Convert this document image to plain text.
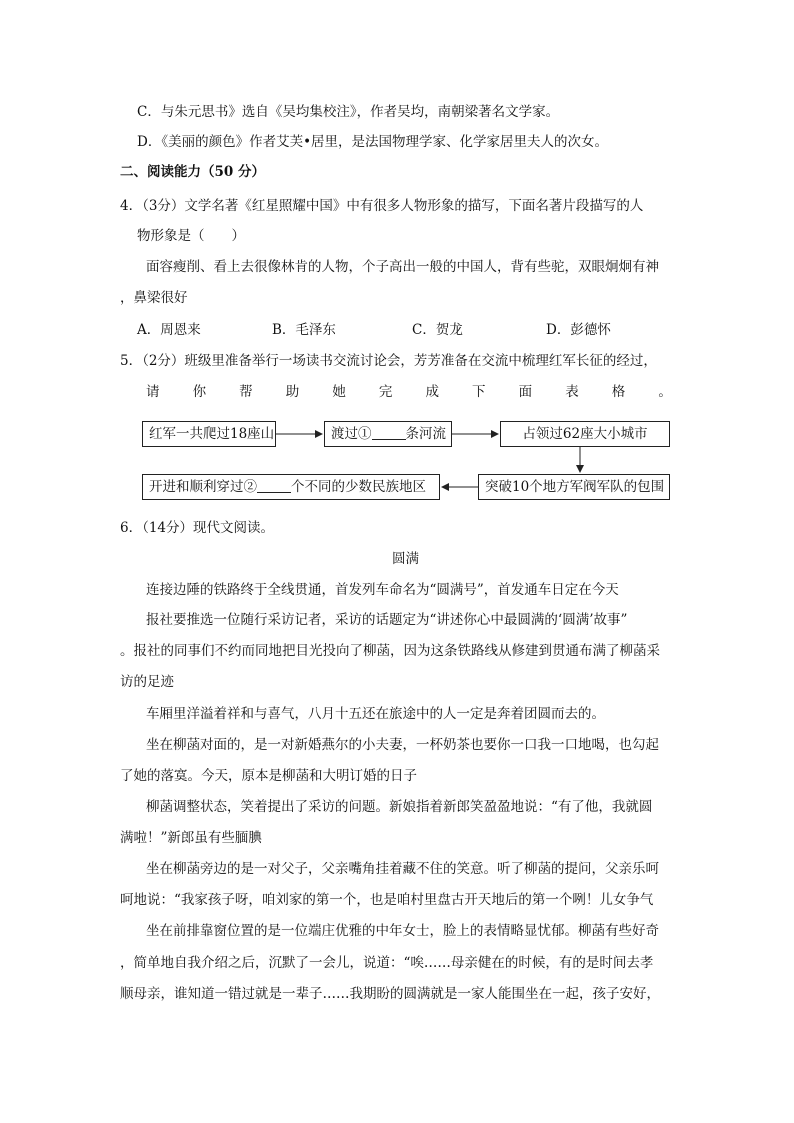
C．与朱元思书》选自《吴均集校注》，作者吴均，南朝梁著名文学家。
D．《美丽的颜色》作者艾芙•居里，是法国物理学家、化学家居里夫人的次女。
二、阅读能力（50 分）
4．（3分）文学名著《红星照耀中国》中有很多人物形象的描写，下面名著片段描写的人
物形象是（　　）
面容瘦削、看上去很像林肯的人物，个子高出一般的中国人，背有些驼，双眼炯炯有神
，鼻梁很好
A．周恩来	B．毛泽东	C．贺龙	D．彭德怀
5．（2分）班级里准备举行一场读书交流讨论会，芳芳准备在交流中梳理红军长征的经过，
请 你 帮 助 她 完 成 下 面 表 格 。
红军一共爬过18座山	渡过①	条河流	占领过62座大小城市
突破10个地方军阀军队的包围
开进和顺利穿过②	个不同的少数民族地区
6．（14分）现代文阅读。
圆满
连接边陲的铁路终于全线贯通，首发列车命名为“圆满号”，首发通车日定在今天
报社要推选一位随行采访记者，采访的话题定为“讲述你心中最圆满的‘圆满’故事”
。报社的同事们不约而同地把目光投向了柳菡，因为这条铁路线从修建到贯通布满了柳菡采
访的足迹
车厢里洋溢着祥和与喜气，八月十五还在旅途中的人一定是奔着团圆而去的。
坐在柳菡对面的，是一对新婚燕尔的小夫妻，一杯奶茶也要你一口我一口地喝，也勾起
了她的落寞。今天，原本是柳菡和大明订婚的日子
柳菡调整状态，笑着提出了采访的问题。新娘指着新郎笑盈盈地说：“有了他，我就圆
满啦！”新郎虽有些腼腆
坐在柳菡旁边的是一对父子，父亲嘴角挂着藏不住的笑意。听了柳菡的提问，父亲乐呵
呵地说：“我家孩子呀，咱刘家的第一个，也是咱村里盘古开天地后的第一个咧！儿女争气
坐在前排靠窗位置的是一位端庄优雅的中年女士，脸上的表情略显忧郁。柳菡有些好奇
，简单地自我介绍之后，沉默了一会儿，说道：“唉……母亲健在的时候，有的是时间去孝
顺母亲，谁知道一错过就是一辈子……我期盼的圆满就是一家人能围坐在一起，孩子安好，
